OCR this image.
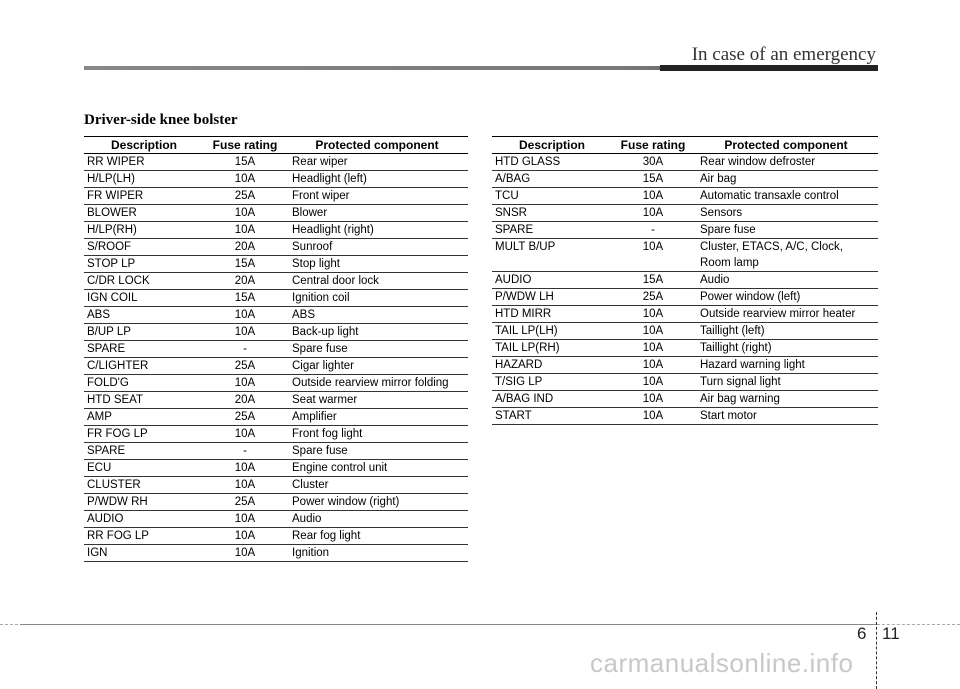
In case of an emergency
Driver-side knee bolster
Description	Fuse rating	Protected component
RR WIPER	15A	Rear wiper

H/LP(LH)	10A	Headlight (left)

FR WIPER	25A	Front wiper

BLOWER	10A	Blower

H/LP(RH)	10A	Headlight (right)

S/ROOF	20A	Sunroof

STOP LP	15A	Stop light

C/DR LOCK	20A	Central door lock

IGN COIL	15A	Ignition coil

ABS	10A	ABS

B/UP LP	10A	Back-up light

SPARE	-	Spare fuse

C/LIGHTER	25A	Cigar lighter

FOLD'G	10A	Outside rearview mirror folding

HTD SEAT	20A	Seat warmer

AMP	25A	Amplifier

FR FOG LP	10A	Front fog light

SPARE	-	Spare fuse

ECU	10A	Engine control unit

CLUSTER	10A	Cluster

P/WDW RH	25A	Power window (right)

AUDIO	10A	Audio

RR FOG LP	10A	Rear fog light

IGN	10A	Ignition
Description	Fuse rating	Protected component
HTD GLASS	30A	Rear window defroster

A/BAG	15A	Air bag

TCU	10A	Automatic transaxle control

SNSR	10A	Sensors

SPARE	-	Spare fuse

MULT B/UP	10A	Cluster, ETACS, A/C, Clock,
Room lamp

AUDIO	15A	Audio

P/WDW LH	25A	Power window (left)

HTD MIRR	10A	Outside rearview mirror heater

TAIL LP(LH)	10A	Taillight (left)

TAIL LP(RH)	10A	Taillight (right)

HAZARD	10A	Hazard warning light

T/SIG LP	10A	Turn signal light

A/BAG IND	10A	Air bag warning

START	10A	Start motor
6 11
carmanualsonline.info
